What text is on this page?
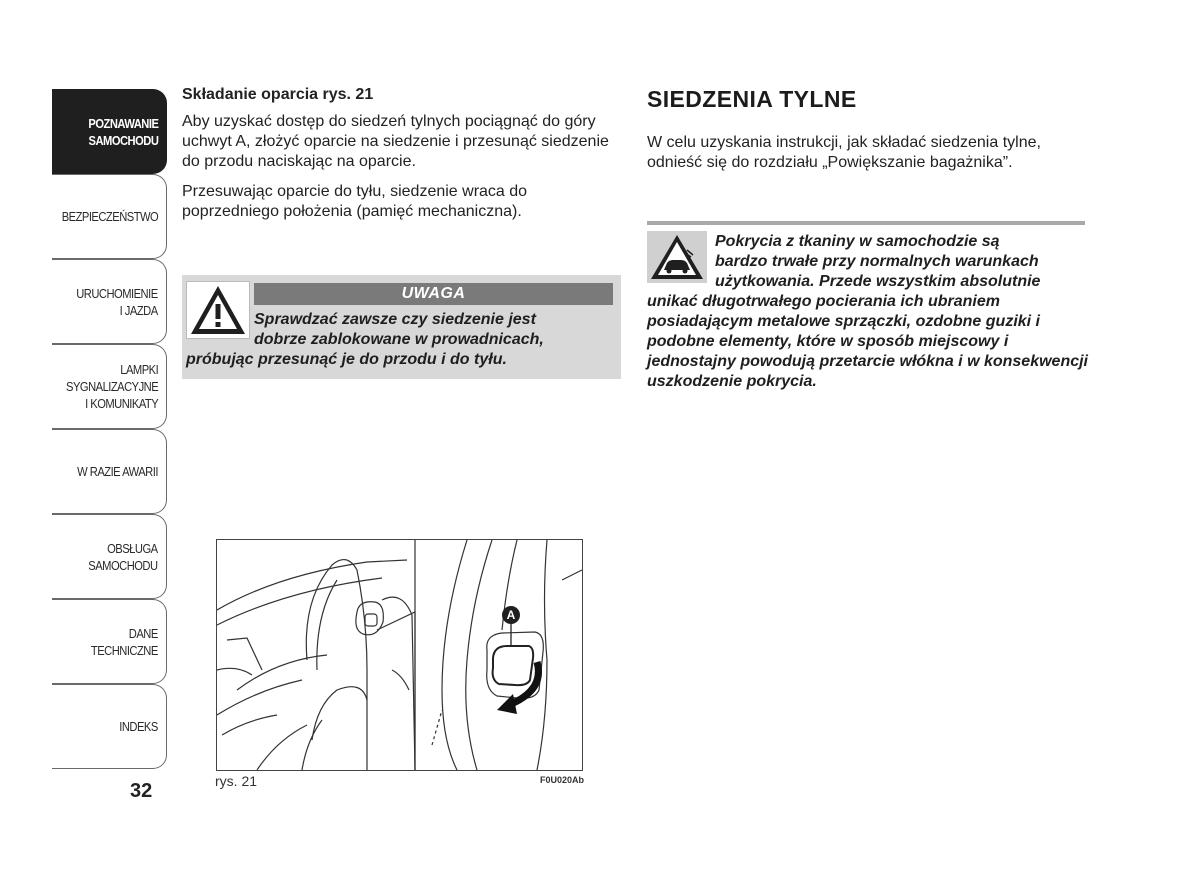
POZNAWANIE
SAMOCHODU
BEZPIECZEŃSTWO
URUCHOMIENIE
I JAZDA
LAMPKI
SYGNALIZACYJNE
I KOMUNIKATY
W RAZIE AWARII
OBSŁUGA
SAMOCHODU
DANE
TECHNICZNE
INDEKS
32

Składanie oparcia rys. 21

Aby uzyskać dostęp do siedzeń tylnych pociągnąć do góry uchwyt A, złożyć oparcie na siedzenie i przesunąć siedzenie do przodu naciskając na oparcie.

Przesuwając oparcie do tyłu, siedzenie wraca do poprzedniego położenia (pamięć mechaniczna).

UWAGA
Sprawdzać zawsze czy siedzenie jest
dobrze zablokowane w prowadnicach,
próbując przesunąć je do przodu i do tyłu.
A
rys. 21	F0U020Ab
SIEDZENIA TYLNE

W celu uzyskania instrukcji, jak składać siedzenia tylne, odnieść się do rozdziału „Powiększanie bagażnika”.

Pokrycia z tkaniny w samochodzie są
bardzo trwałe przy normalnych warunkach
użytkowania. Przede wszystkim absolutnie
unikać długotrwałego pocierania ich ubraniem posiadającym metalowe sprzączki, ozdobne guziki i podobne elementy, które w sposób miejscowy i jednostajny powodują przetarcie włókna i w konsekwencji uszkodzenie pokrycia.
